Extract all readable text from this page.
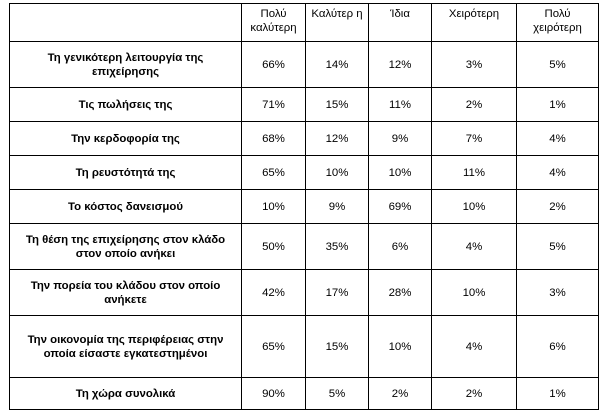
	Πολύ καλύτερη	Καλύτερ η	Ίδια	Χειρότερη	Πολύ χειρότερη
Τη γενικότερη λειτουργία της επιχείρησης	66%	14%	12%	3%	5%
Τις πωλήσεις της	71%	15%	11%	2%	1%
Την κερδοφορία της	68%	12%	9%	7%	4%
Τη ρευστότητά της	65%	10%	10%	11%	4%
Το κόστος δανεισμού	10%	9%	69%	10%	2%
Τη θέση της επιχείρησης στον κλάδο στον οποίο ανήκει	50%	35%	6%	4%	5%
Την πορεία του κλάδου στον οποίο ανήκετε	42%	17%	28%	10%	3%
Την οικονομία της περιφέρειας στην οποία είσαστε εγκατεστημένοι	65%	15%	10%	4%	6%
Τη χώρα συνολικά	90%	5%	2%	2%	1%
